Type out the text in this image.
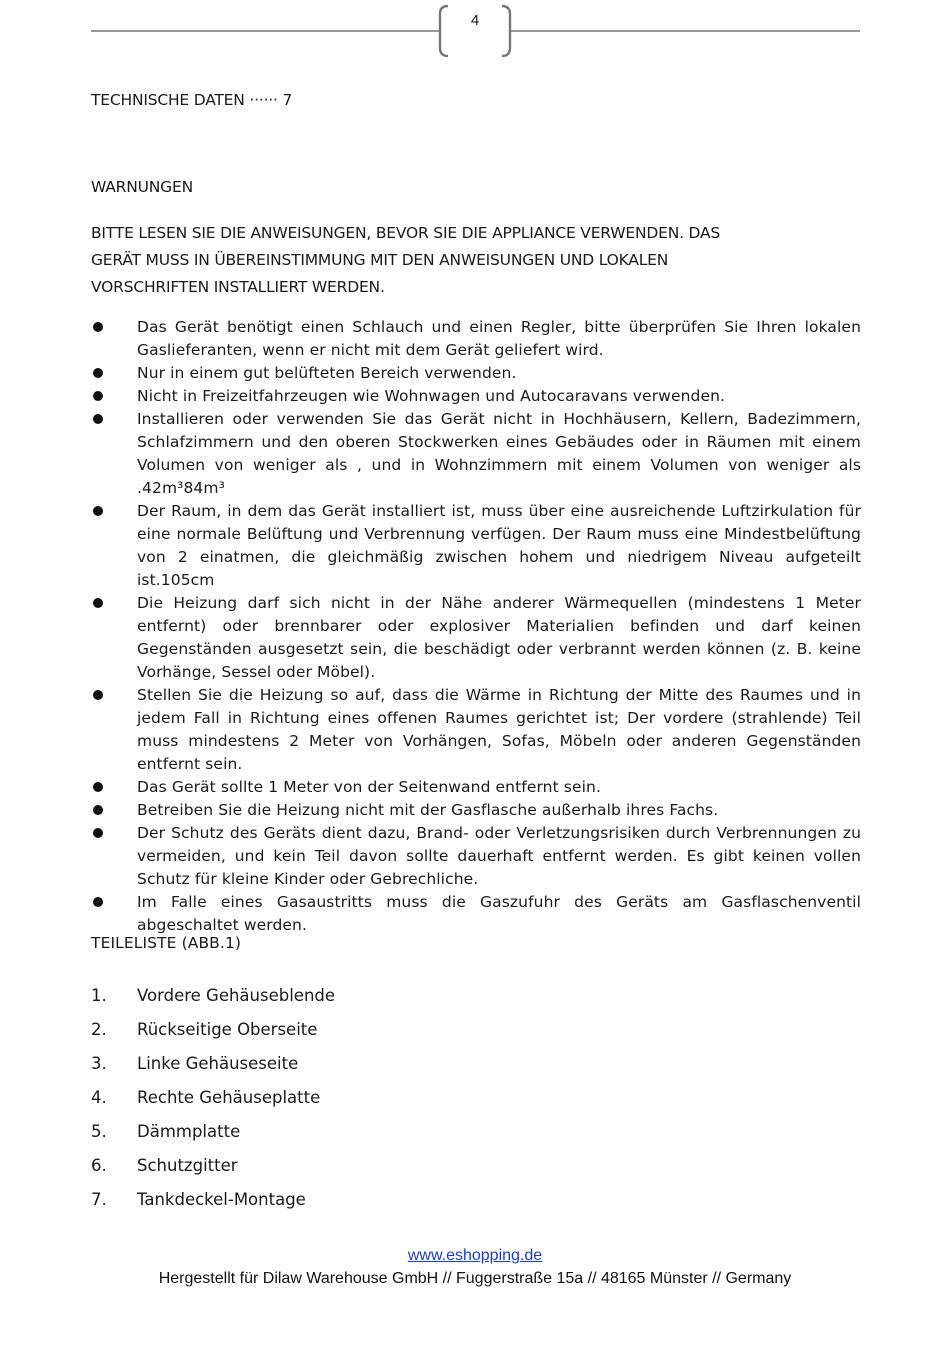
4
TECHNISCHE DATEN ······ 7
WARNUNGEN
BITTE LESEN SIE DIE ANWEISUNGEN, BEVOR SIE DIE APPLIANCE VERWENDEN. DAS
GERÄT MUSS IN ÜBEREINSTIMMUNG MIT DEN ANWEISUNGEN UND LOKALEN
VORSCHRIFTEN INSTALLIERT WERDEN.
Das Gerät benötigt einen Schlauch und einen Regler, bitte überprüfen Sie Ihren lokalen Gaslieferanten, wenn er nicht mit dem Gerät geliefert wird.
Nur in einem gut belüfteten Bereich verwenden.
Nicht in Freizeitfahrzeugen wie Wohnwagen und Autocaravans verwenden.
Installieren oder verwenden Sie das Gerät nicht in Hochhäusern, Kellern, Badezimmern, Schlafzimmern und den oberen Stockwerken eines Gebäudes oder in Räumen mit einem Volumen von weniger als , und in Wohnzimmern mit einem Volumen von weniger als .42m³84m³
Der Raum, in dem das Gerät installiert ist, muss über eine ausreichende Luftzirkulation für eine normale Belüftung und Verbrennung verfügen. Der Raum muss eine Mindestbelüftung von 2 einatmen, die gleichmäßig zwischen hohem und niedrigem Niveau aufgeteilt ist.105cm
Die Heizung darf sich nicht in der Nähe anderer Wärmequellen (mindestens 1 Meter entfernt) oder brennbarer oder explosiver Materialien befinden und darf keinen Gegenständen ausgesetzt sein, die beschädigt oder verbrannt werden können (z. B. keine Vorhänge, Sessel oder Möbel).
Stellen Sie die Heizung so auf, dass die Wärme in Richtung der Mitte des Raumes und in jedem Fall in Richtung eines offenen Raumes gerichtet ist; Der vordere (strahlende) Teil muss mindestens 2 Meter von Vorhängen, Sofas, Möbeln oder anderen Gegenständen entfernt sein.
Das Gerät sollte 1 Meter von der Seitenwand entfernt sein.
Betreiben Sie die Heizung nicht mit der Gasflasche außerhalb ihres Fachs.
Der Schutz des Geräts dient dazu, Brand- oder Verletzungsrisiken durch Verbrennungen zu vermeiden, und kein Teil davon sollte dauerhaft entfernt werden. Es gibt keinen vollen Schutz für kleine Kinder oder Gebrechliche.
Im Falle eines Gasaustritts muss die Gaszufuhr des Geräts am Gasflaschenventil abgeschaltet werden.
TEILELISTE (ABB.1)
1.	Vordere Gehäuseblende
2.	Rückseitige Oberseite
3.	Linke Gehäuseseite
4.	Rechte Gehäuseplatte
5.	Dämmplatte
6.	Schutzgitter
7.	Tankdeckel-Montage
www.eshopping.de
Hergestellt für Dilaw Warehouse GmbH // Fuggerstraße 15a // 48165 Münster // Germany
